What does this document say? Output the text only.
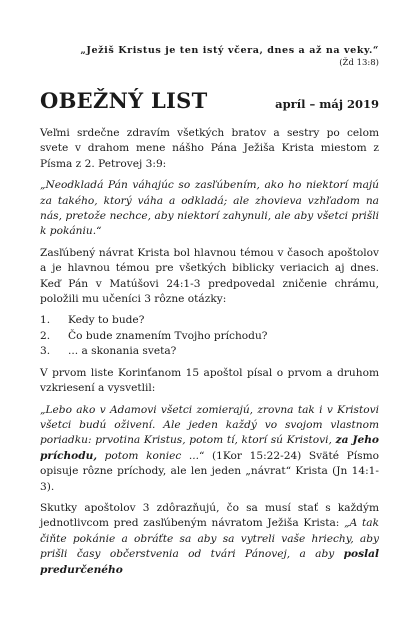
„Ježiš Kristus je ten istý včera, dnes a až na veky.“
(Žd 13:8)
OBEŽNÝ LIST	apríl – máj 2019

Veľmi srdečne zdravím všetkých bratov a sestry po celom svete v drahom mene nášho Pána Ježiša Krista miestom z Písma z 2. Petrovej 3:9:

„Neodkladá Pán váhajúc so zasľúbením, ako ho niektorí majú za takého, ktorý váha a odkladá; ale zhovieva vzhľadom na nás, pretože nechce, aby niektorí zahynuli, ale aby všetci prišli k pokániu.“

Zasľúbený návrat Krista bol hlavnou témou v časoch apoštolov a je hlavnou témou pre všetkých biblicky veriacich aj dnes. Keď Pán v Matúšovi 24:1-3 predpovedal zničenie chrámu, položili mu učeníci 3 rôzne otázky:

1.	Kedy to bude?
2.	Čo bude znamením Tvojho príchodu?
3.	... a skonania sveta?

V prvom liste Korinťanom 15 apoštol písal o prvom a druhom vzkriesení a vysvetlil:

„Lebo ako v Adamovi všetci zomierajú, zrovna tak i v Kristovi všetci budú oživení. Ale jeden každý vo svojom vlastnom poriadku: prvotina Kristus, potom tí, ktorí sú Kristovi, za Jeho príchodu, potom koniec ...“ (1Kor 15:22-24) Sväté Písmo opisuje rôzne príchody, ale len jeden „návrat“ Krista (Jn 14:1-3).

Skutky apoštolov 3 zdôrazňujú, čo sa musí stať s každým jednotlivcom pred zasľúbeným návratom Ježiša Krista: „A tak čiňte pokánie a obráťte sa aby sa vytreli vaše hriechy, aby prišli časy občerstvenia od tvári Pánovej, a aby poslal predurčeného
